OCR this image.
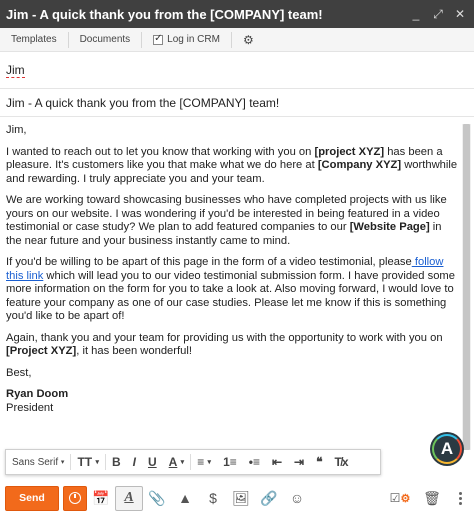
Jim - A quick thank you from the [COMPANY] team!	_ ⤢ ✕
Templates Documents
✓	Log in CRM ⚙
Jim
Jim - A quick thank you from the [COMPANY] team!

Jim,

I wanted to reach out to let you know that working with you on [project XYZ] has been a pleasure. It's customers like you that make what we do here at [Company XYZ] worthwhile and rewarding. I truly appreciate you and your team.

We are working toward showcasing businesses who have completed projects with us like yours on our website. I was wondering if you'd be interested in being featured in a video testimonial or case study? We plan to add featured companies to our [Website Page] in the near future and your business instantly came to mind.

If you'd be willing to be apart of this page in the form of a video testimonial, please follow this link which will lead you to our video testimonial submission form. I have provided some more information on the form for you to take a look at. Also moving forward, I would love to feature your company as one of our case studies. Please let me know if this is something you'd like to be apart of!

Again, thank you and your team for providing us with the opportunity to work with you on [Project XYZ], it has been wonderful!

Best,

Ryan Doom
President
A
Sans Serif
▾ TT
▾	B	I	U	A
▾ ≡
▾	1≡	•≡	⇤	⇥	❝	T̸x
Send	📅	A	📎 ▲	$	🖼 🔗 ☺	☑ ⚙ 🗑
